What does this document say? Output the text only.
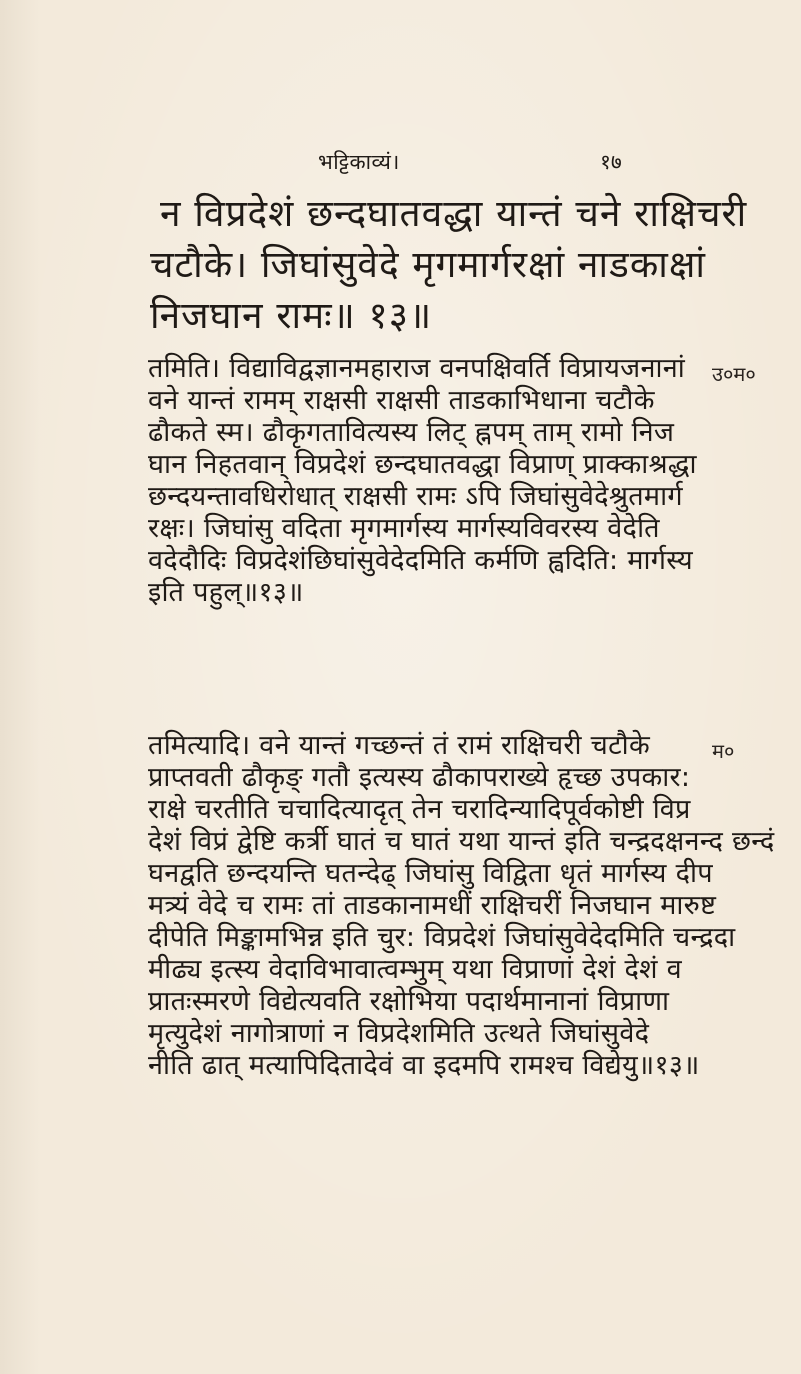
भट्टिकाव्यं।	१७
न विप्रदेशं छन्दघातवद्धा यान्तं चने राक्षिचरी
चटौके। जिघांसुवेदे मृगमार्गरक्षां नाडकाक्षां
निजघान रामः॥ १३॥
उ०म०
तमिति। विद्याविद्वज्ञानमहाराज वनपक्षिवर्ति विप्रायजनानां
वने यान्तं रामम् राक्षसी राक्षसी ताडकाभिधाना चटौके
ढौकते स्म। ढौकृगतावित्यस्य लिट् ह्नपम् ताम् रामो निज
घान निहतवान् विप्रदेशं छन्दघातवद्धा विप्राण् प्राक्काश्रद्धा
छन्दयन्तावधिरोधात् राक्षसी रामः ऽपि जिघांसुवेदेश्रुतमार्ग
रक्षः। जिघांसु वदिता मृगमार्गस्य मार्गस्यविवरस्य वेदेति
वदेदौदिः विप्रदेशंछिघांसुवेदेदमिति कर्मणि ह्वदिति: मार्गस्य
इति पहुल्॥१३॥
म०
तमित्यादि। वने यान्तं गच्छन्तं तं रामं राक्षिचरी चटौके
प्राप्तवती ढौकृङ् गतौ इत्यस्य ढौकापराख्ये हृच्छ उपकार:
राक्षे चरतीति चचादित्यादृत् तेन चरादिन्यादिपूर्वकोष्टी विप्र
देशं विप्रं द्वेष्टि कर्त्री घातं च घातं यथा यान्तं इति चन्द्रदक्षनन्द छन्दं
घनद्वति छन्दयन्ति घतन्देढ् जिघांसु विद्विता धृतं मार्गस्य दीप
मत्र्यं वेदे च रामः तां ताडकानामधीं राक्षिचरीं निजघान मारुष्ट
दीपेति मिङ्कामभिन्न इति चुर: विप्रदेशं जिघांसुवेदेदमिति चन्द्रदा
मीढ्य इत्स्य वेदाविभावात्वम्भुम् यथा विप्राणां देशं देशं व
प्रातःस्मरणे विद्येत्यवति रक्षोभिया पदार्थमानानां विप्राणा
मृत्युदेशं नागोत्राणां न विप्रदेशमिति उत्थते जिघांसुवेदे
नीति ढात् मत्यापिदितादेवं वा इदमपि रामश्च विद्येयु॥१३॥
